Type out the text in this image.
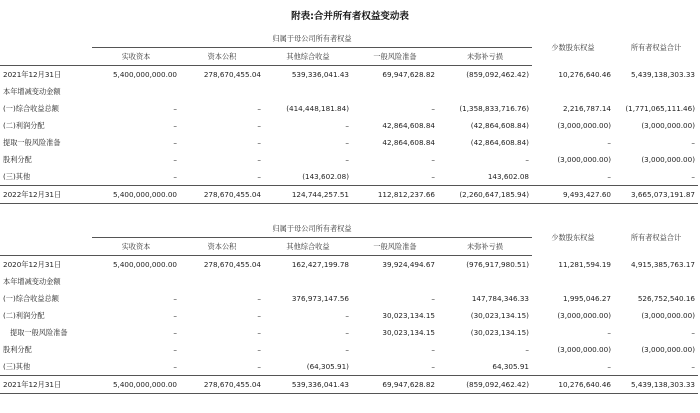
附表:合并所有者权益变动表
	归属于母公司所有者权益					少数股东权益	所有者权益合计
	实收资本	资本公积	其他综合收益	一般风险准备	未弥补亏损		
2021年12月31日	5,400,000,000.00	278,670,455.04	539,336,041.43	69,947,628.82	(859,092,462.42)	10,276,640.46	5,439,138,303.33
本年增减变动金额							
(一)综合收益总额	–	–	(414,448,181.84)	–	(1,358,833,716.76)	2,216,787.14	(1,771,065,111.46)
(二)利润分配	–	–	–	42,864,608.84	(42,864,608.84)	(3,000,000.00)	(3,000,000.00)
提取一般风险准备	–	–	–	42,864,608.84	(42,864,608.84)	–	–
股利分配	–	–	–	–	–	(3,000,000.00)	(3,000,000.00)
(三)其他	–	–	(143,602.08)	–	143,602.08	–	–
2022年12月31日	5,400,000,000.00	278,670,455.04	124,744,257.51	112,812,237.66	(2,260,647,185.94)	9,493,427.60	3,665,073,191.87
	归属于母公司所有者权益					少数股东权益	所有者权益合计
	实收资本	资本公积	其他综合收益	一般风险准备	未弥补亏损		
2020年12月31日	5,400,000,000.00	278,670,455.04	162,427,199.78	39,924,494.67	(976,917,980.51)	11,281,594.19	4,915,385,763.17
本年增减变动金额							
(一)综合收益总额	–	–	376,973,147.56	–	147,784,346.33	1,995,046.27	526,752,540.16
(二)利润分配	–	–	–	30,023,134.15	(30,023,134.15)	(3,000,000.00)	(3,000,000.00)
提取一般风险准备	–	–	–	30,023,134.15	(30,023,134.15)	–	–
股利分配	–	–	–	–	–	(3,000,000.00)	(3,000,000.00)
(三)其他	–	–	(64,305.91)	–	64,305.91	–	–
2021年12月31日	5,400,000,000.00	278,670,455.04	539,336,041.43	69,947,628.82	(859,092,462.42)	10,276,640.46	5,439,138,303.33
